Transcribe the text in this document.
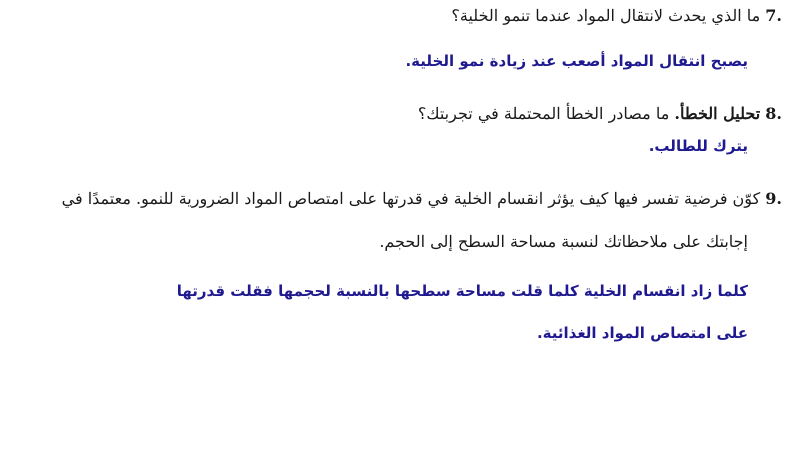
.7 ما الذي يحدث لانتقال المواد عندما تنمو الخلية؟
يصبح انتقال المواد أصعب عند زيادة نمو الخلية.
.8 تحليل الخطأ. ما مصادر الخطأ المحتملة في تجربتك؟
يترك للطالب.
.9 كوّن فرضية تفسر فيها كيف يؤثر انقسام الخلية في قدرتها على امتصاص المواد الضرورية للنمو. معتمدًا في
إجابتك على ملاحظاتك لنسبة مساحة السطح إلى الحجم.
كلما زاد انقسام الخلية كلما قلت مساحة سطحها بالنسبة لحجمها فقلت قدرتها
على امتصاص المواد الغذائية.
